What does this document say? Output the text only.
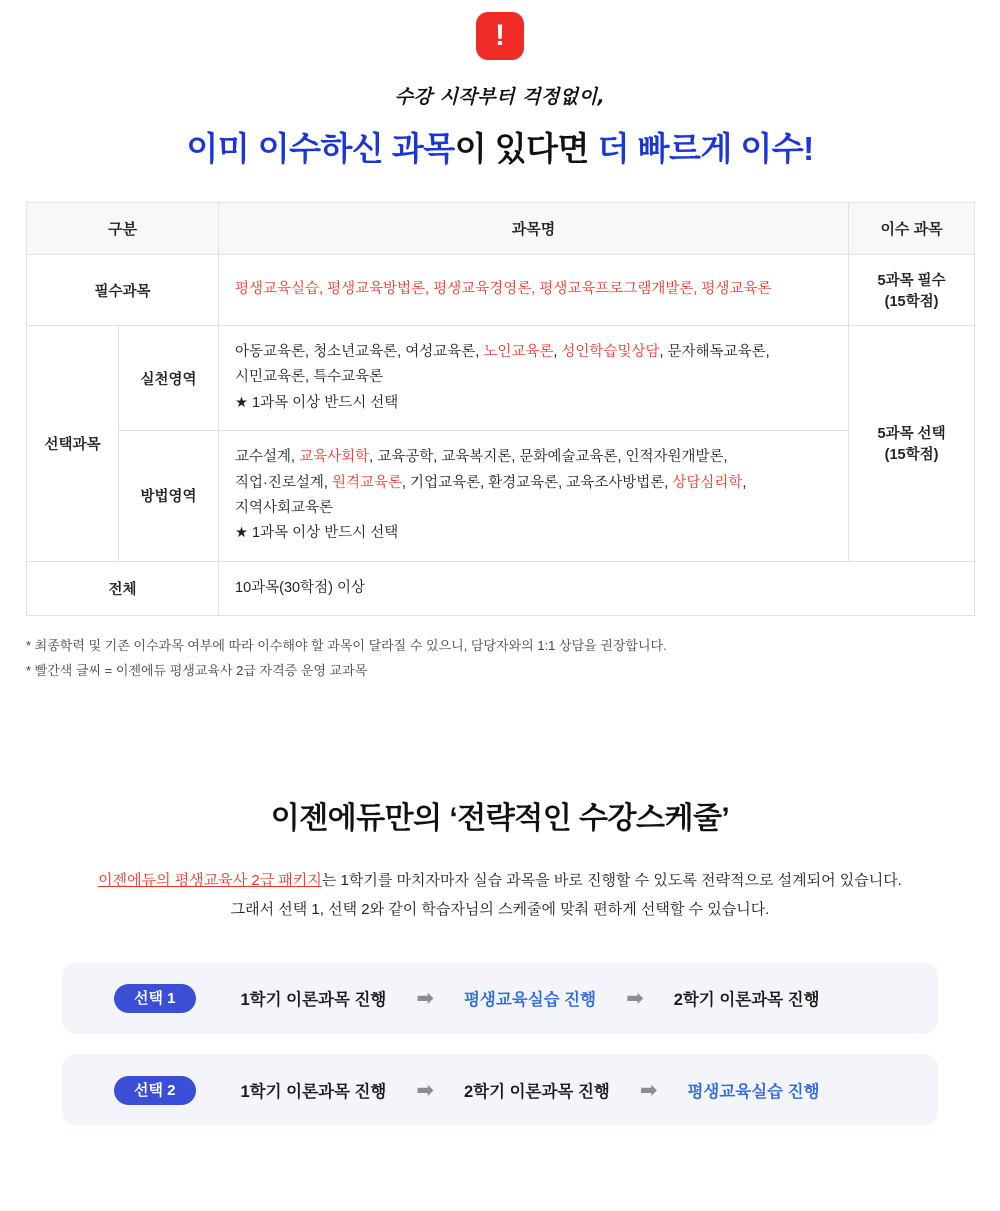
!
수강 시작부터 걱정없이,
이미 이수하신 과목이 있다면 더 빠르게 이수!
구분		과목명	이수 과목
필수과목		평생교육실습, 평생교육방법론, 평생교육경영론, 평생교육프로그램개발론, 평생교육론	5과목 필수
(15학점)
선택과목	실천영역	아동교육론, 청소년교육론, 여성교육론, 노인교육론, 성인학습및상담, 문자해독교육론,
시민교육론, 특수교육론
★ 1과목 이상 반드시 선택	5과목 선택
(15학점)
	방법영역	교수설계, 교육사회학, 교육공학, 교육복지론, 문화예술교육론, 인적자원개발론,
직업·진로설계, 원격교육론, 기업교육론, 환경교육론, 교육조사방법론, 상담심리학,
지역사회교육론
★ 1과목 이상 반드시 선택	
전체		10과목(30학점) 이상	
* 최종학력 및 기존 이수과목 여부에 따라 이수해야 할 과목이 달라질 수 있으니, 담당자와의 1:1 상담을 권장합니다.
* 빨간색 글씨 = 이젠에듀 평생교육사 2급 자격증 운영 교과목
이젠에듀만의 ‘전략적인 수강스케줄’
이젠에듀의 평생교육사 2급 패키지는 1학기를 마치자마자 실습 과목을 바로 진행할 수 있도록 전략적으로 설계되어 있습니다.
그래서 선택 1, 선택 2와 같이 학습자님의 스케줄에 맞춰 편하게 선택할 수 있습니다.
선택 1	1학기 이론과목 진행 ➡ 평생교육실습 진행 ➡ 2학기 이론과목 진행
선택 2	1학기 이론과목 진행 ➡ 2학기 이론과목 진행 ➡ 평생교육실습 진행
